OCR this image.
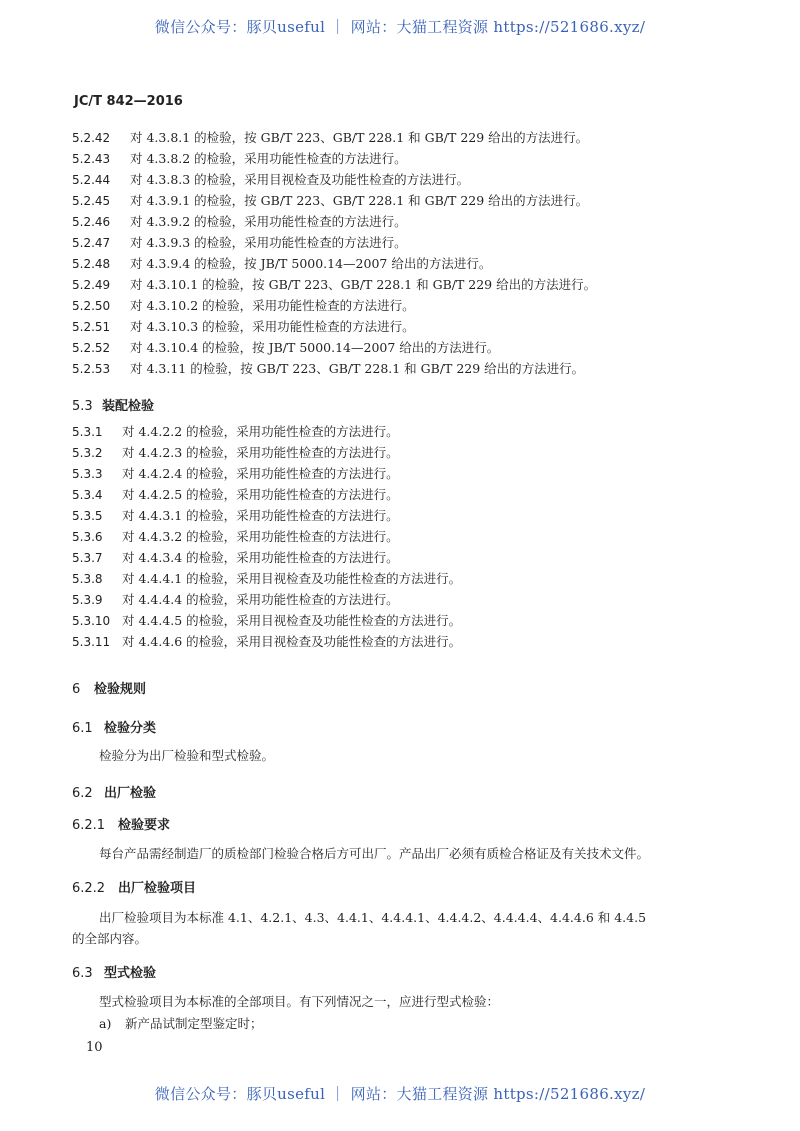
微信公众号：豚贝useful ｜ 网站：大猫工程资源 https://521686.xyz/
JC/T 842—2016
5.2.42 对 4.3.8.1 的检验，按 GB/T 223、GB/T 228.1 和 GB/T 229 给出的方法进行。
5.2.43 对 4.3.8.2 的检验，采用功能性检查的方法进行。
5.2.44 对 4.3.8.3 的检验，采用目视检查及功能性检查的方法进行。
5.2.45 对 4.3.9.1 的检验，按 GB/T 223、GB/T 228.1 和 GB/T 229 给出的方法进行。
5.2.46 对 4.3.9.2 的检验，采用功能性检查的方法进行。
5.2.47 对 4.3.9.3 的检验，采用功能性检查的方法进行。
5.2.48 对 4.3.9.4 的检验，按 JB/T 5000.14—2007 给出的方法进行。
5.2.49 对 4.3.10.1 的检验，按 GB/T 223、GB/T 228.1 和 GB/T 229 给出的方法进行。
5.2.50 对 4.3.10.2 的检验，采用功能性检查的方法进行。
5.2.51 对 4.3.10.3 的检验，采用功能性检查的方法进行。
5.2.52 对 4.3.10.4 的检验，按 JB/T 5000.14—2007 给出的方法进行。
5.2.53 对 4.3.11 的检验，按 GB/T 223、GB/T 228.1 和 GB/T 229 给出的方法进行。
5.3 装配检验
5.3.1 对 4.4.2.2 的检验，采用功能性检查的方法进行。
5.3.2 对 4.4.2.3 的检验，采用功能性检查的方法进行。
5.3.3 对 4.4.2.4 的检验，采用功能性检查的方法进行。
5.3.4 对 4.4.2.5 的检验，采用功能性检查的方法进行。
5.3.5 对 4.4.3.1 的检验，采用功能性检查的方法进行。
5.3.6 对 4.4.3.2 的检验，采用功能性检查的方法进行。
5.3.7 对 4.4.3.4 的检验，采用功能性检查的方法进行。
5.3.8 对 4.4.4.1 的检验，采用目视检查及功能性检查的方法进行。
5.3.9 对 4.4.4.4 的检验，采用功能性检查的方法进行。
5.3.10 对 4.4.4.5 的检验，采用目视检查及功能性检查的方法进行。
5.3.11 对 4.4.4.6 的检验，采用目视检查及功能性检查的方法进行。
6 检验规则
6.1 检验分类
检验分为出厂检验和型式检验。
6.2 出厂检验
6.2.1 检验要求
每台产品需经制造厂的质检部门检验合格后方可出厂。产品出厂必须有质检合格证及有关技术文件。
6.2.2 出厂检验项目
出厂检验项目为本标准 4.1、4.2.1、4.3、4.4.1、4.4.4.1、4.4.4.2、4.4.4.4、4.4.4.6 和 4.4.5
的全部内容。
6.3 型式检验
型式检验项目为本标准的全部项目。有下列情况之一，应进行型式检验：
a) 新产品试制定型鉴定时；
10
微信公众号：豚贝useful ｜ 网站：大猫工程资源 https://521686.xyz/
